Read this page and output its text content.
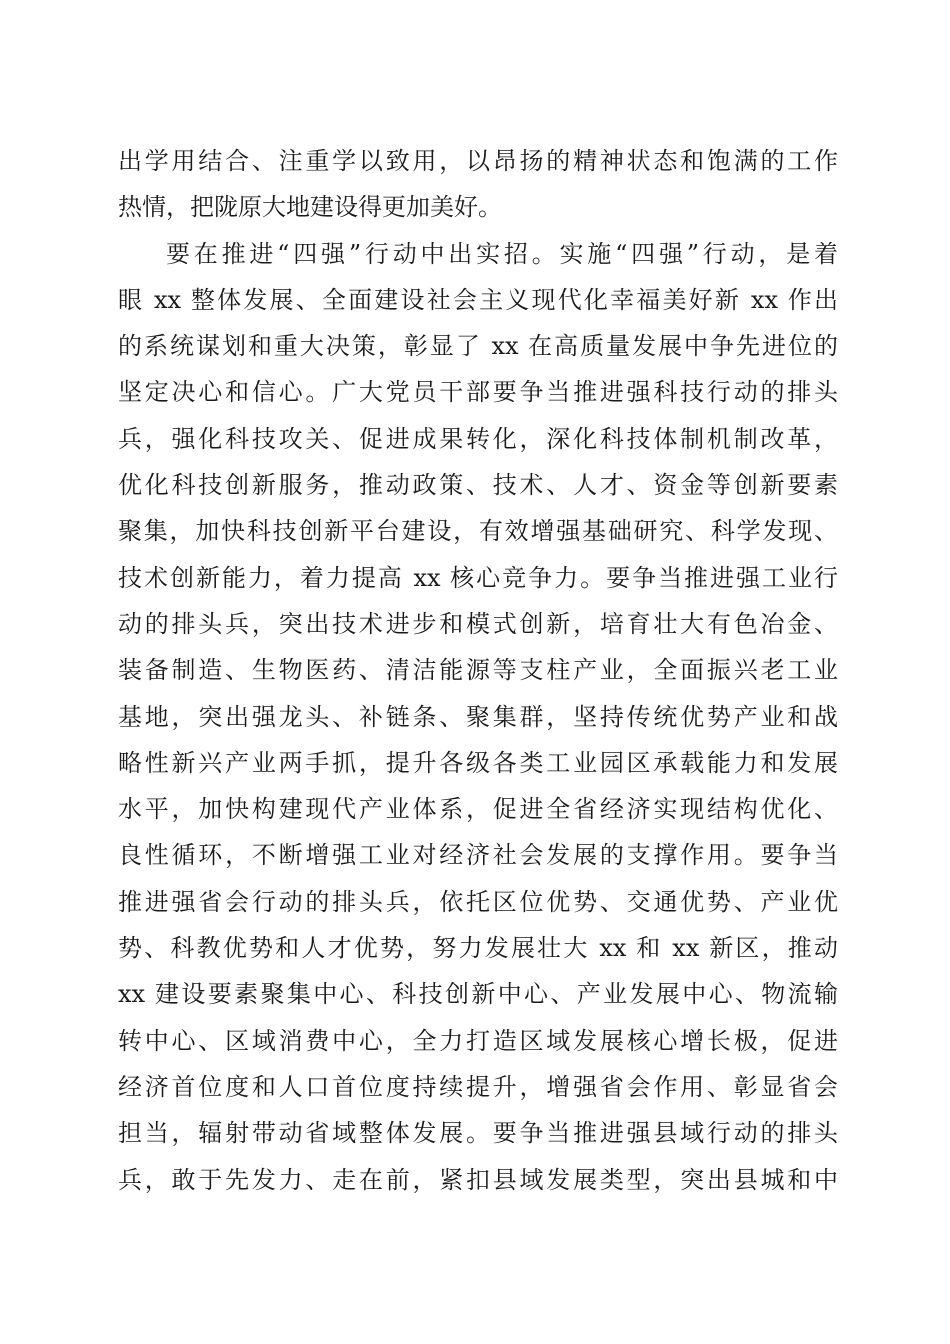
出学用结合、注重学以致用，以昂扬的精神状态和饱满的工作
热情，把陇原大地建设得更加美好。
要在推进“四强”行动中出实招。实施“四强”行动，是着
眼 xx 整体发展、全面建设社会主义现代化幸福美好新 xx 作出
的系统谋划和重大决策，彰显了 xx 在高质量发展中争先进位的
坚定决心和信心。广大党员干部要争当推进强科技行动的排头
兵，强化科技攻关、促进成果转化，深化科技体制机制改革，
优化科技创新服务，推动政策、技术、人才、资金等创新要素
聚集，加快科技创新平台建设，有效增强基础研究、科学发现、
技术创新能力，着力提高 xx 核心竞争力。要争当推进强工业行
动的排头兵，突出技术进步和模式创新，培育壮大有色冶金、
装备制造、生物医药、清洁能源等支柱产业，全面振兴老工业
基地，突出强龙头、补链条、聚集群，坚持传统优势产业和战
略性新兴产业两手抓，提升各级各类工业园区承载能力和发展
水平，加快构建现代产业体系，促进全省经济实现结构优化、
良性循环，不断增强工业对经济社会发展的支撑作用。要争当
推进强省会行动的排头兵，依托区位优势、交通优势、产业优
势、科教优势和人才优势，努力发展壮大 xx 和 xx 新区，推动
xx 建设要素聚集中心、科技创新中心、产业发展中心、物流输
转中心、区域消费中心，全力打造区域发展核心增长极，促进
经济首位度和人口首位度持续提升，增强省会作用、彰显省会
担当，辐射带动省域整体发展。要争当推进强县域行动的排头
兵，敢于先发力、走在前，紧扣县域发展类型，突出县城和中
